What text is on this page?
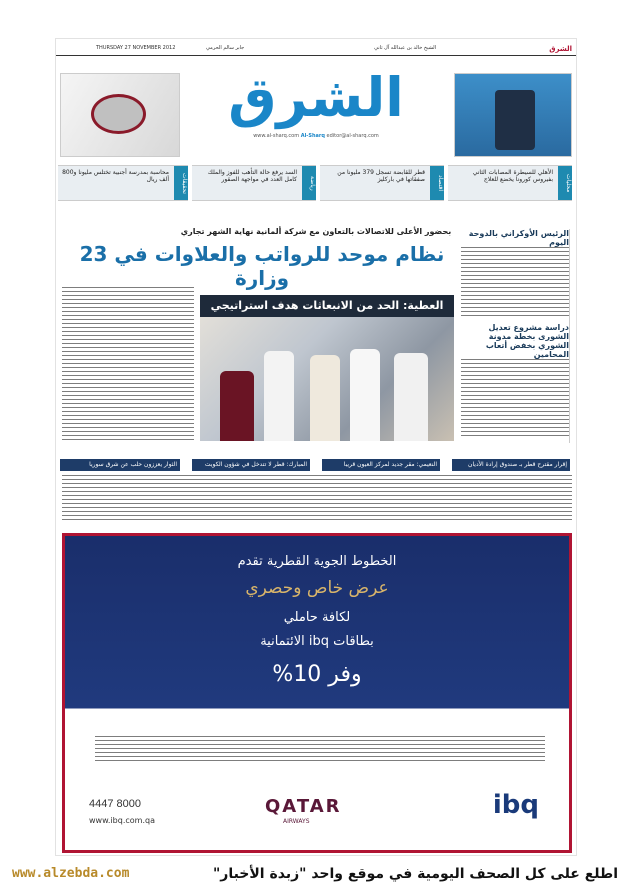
الشرق
الشيخ خالد بن عبدالله آل ثاني
THURSDAY 27 NOVEMBER 2012	جابر سالم الحرمي
الشرق
www.al-sharq.com Al-Sharq editor@al-sharq.com
محليات
الأهلي للسيطرة المصابات الثاني بفيروس كورونا يخضع للعلاج
اقتصاد
قطر للقابضة تسجل 379 مليونا من صفقاتها في باركليز
رياضة
السد يرفع حالة التأهب للفوز والملك كامل العدد في مواجهة الصقور
تحقيقات
محاسبة بمدرسة أجنبية تختلس مليونا و800 ألف ريال
بحضور الأعلى للاتصالات بالتعاون مع شركة ألمانية نهاية الشهر تجاري
نظام موحد للرواتب والعلاوات في 23 وزارة
العطية: الحد من الانبعاثات هدف استراتيجي
الرئيس الأوكراني بالدوحة اليوم
دراسة مشروع تعديل الشورى بخطة مدونة الشوري بخفض أتعاب المحامين
إقرار مقترح قطر بـ صندوق إرادة الأديان
النعيمي: مقر جديد لمركز العيون قريبا
المبارك: قطر لا تتدخل في شؤون الكويت
الثوار يعززون حلب عن شرق سوريا
الخطوط الجوية القطرية تقدم
عرض خاص وحصري
لكافة حاملي
بطاقات ibq الائتمانية
وفر 10%
4447 8000
www.ibq.com.qa
QATAR
AIRWAYS
ibq
اطلع على كل الصحف اليومية في موقع واحد "زبدة الأخبار"
www.alzebda.com
